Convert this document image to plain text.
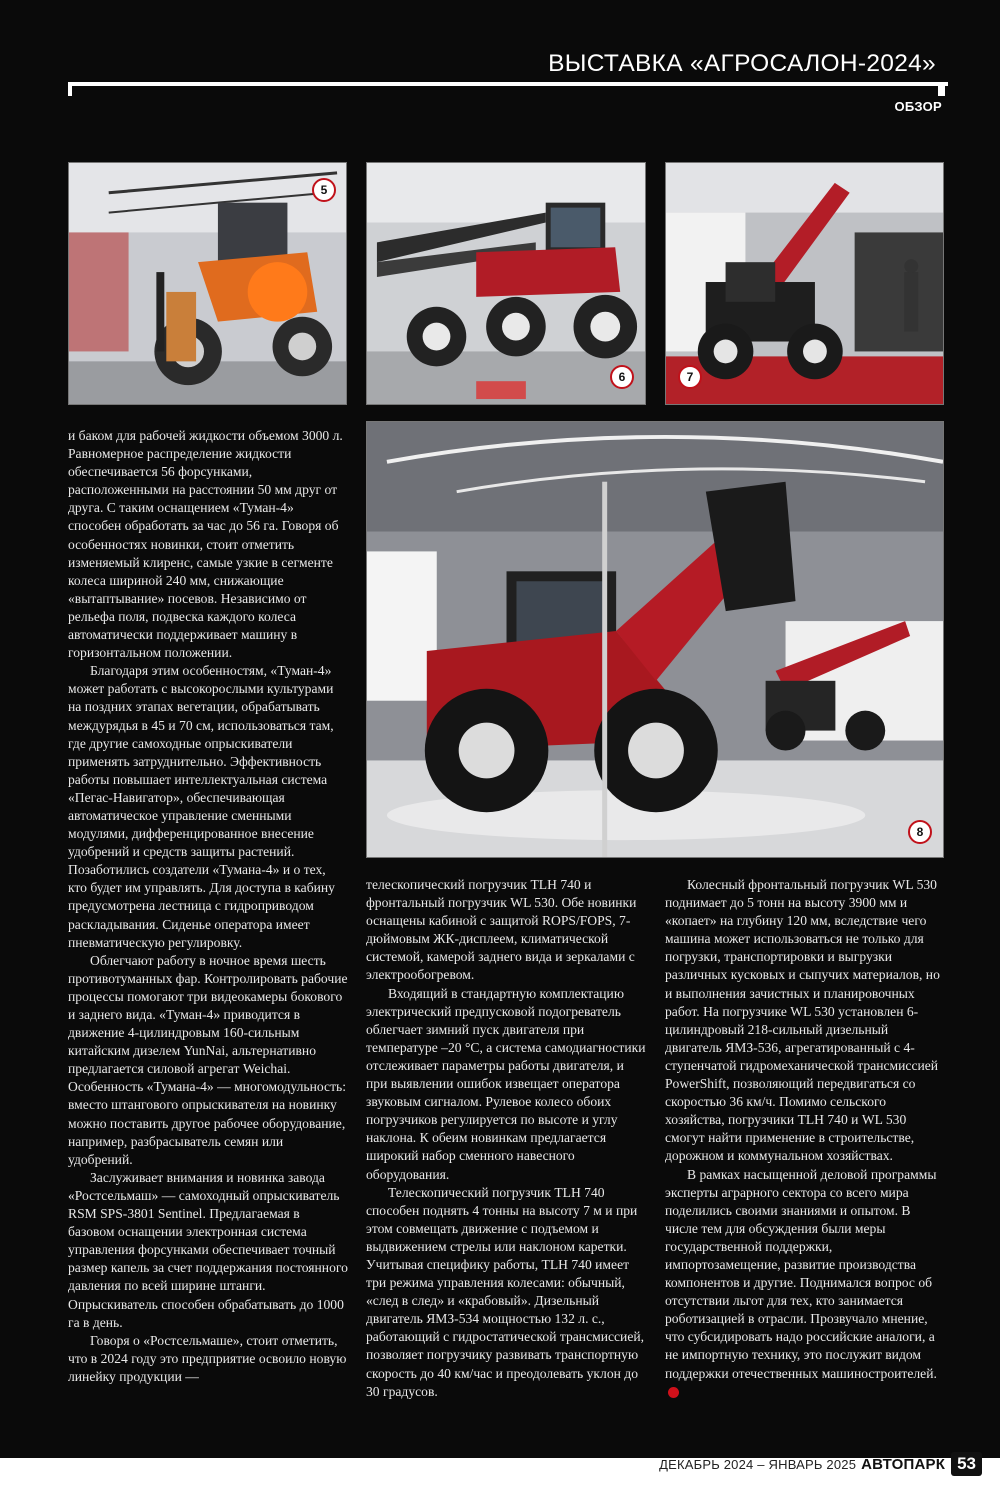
ВЫСТАВКА «АГРОСАЛОН-2024»
ОБЗОР
5
6	7
8

и баком для рабочей жидкости объемом 3000 л. Равномерное распределение жидкости обеспечивается 56 форсунками, расположенными на расстоянии 50 мм друг от друга. С таким оснащением «Туман-4» способен обработать за час до 56 га. Говоря об особенностях новинки, стоит отметить изменяемый клиренс, самые узкие в сегменте колеса шириной 240 мм, снижающие «вытаптывание» посевов. Независимо от рельефа поля, подвеска каждого колеса автоматически поддерживает машину в горизонтальном положении.

Благодаря этим особенностям, «Туман-4» может работать с высокорослыми культурами на поздних этапах вегетации, обрабатывать междурядья в 45 и 70 см, использоваться там, где другие самоходные опрыскиватели применять затруднительно. Эффективность работы повышает интеллектуальная система «Пегас-Навигатор», обеспечивающая автоматическое управление сменными модулями, дифференцированное внесение удобрений и средств защиты растений. Позаботились создатели «Тумана-4» и о тех, кто будет им управлять. Для доступа в кабину предусмотрена лестница с гидроприводом раскладывания. Сиденье оператора имеет пневматическую регулировку.

Облегчают работу в ночное время шесть противотуманных фар. Контролировать рабочие процессы помогают три видеокамеры бокового и заднего вида. «Туман-4» приводится в движение 4-цилиндровым 160-сильным китайским дизелем YunNai, альтернативно предлагается силовой агрегат Weichai. Особенность «Тумана-4» — многомодульность: вместо штангового опрыскивателя на новинку можно поставить другое рабочее оборудование, например, разбрасыватель семян или удобрений.

Заслуживает внимания и новинка завода «Ростсельмаш» — самоходный опрыскиватель RSM SPS-3801 Sentinel. Предлагаемая в базовом оснащении электронная система управления форсунками обеспечивает точный размер капель за счет поддержания постоянного давления по всей ширине штанги. Опрыскиватель способен обрабатывать до 1000 га в день.

Говоря о «Ростсельмаше», стоит отметить, что в 2024 году это предприятие освоило новую линейку продукции —

телескопический погрузчик TLH 740 и фронтальный погрузчик WL 530. Обе новинки оснащены кабиной с защитой ROPS/FOPS, 7-дюймовым ЖК-дисплеем, климатической системой, камерой заднего вида и зеркалами с электрообогревом.

Входящий в стандартную комплектацию электрический предпусковой подогреватель облегчает зимний пуск двигателя при температуре –20 °С, а система самодиагностики отслеживает параметры работы двигателя, и при выявлении ошибок извещает оператора звуковым сигналом. Рулевое колесо обоих погрузчиков регулируется по высоте и углу наклона. К обеим новинкам предлагается широкий набор сменного навесного оборудования.

Телескопический погрузчик TLH 740 способен поднять 4 тонны на высоту 7 м и при этом совмещать движение с подъемом и выдвижением стрелы или наклоном каретки. Учитывая специфику работы, TLH 740 имеет три режима управления колесами: обычный, «след в след» и «крабовый». Дизельный двигатель ЯМЗ-534 мощностью 132 л. с., работающий с гидростатической трансмиссией, позволяет погрузчику развивать транспортную скорость до 40 км/час и преодолевать уклон до 30 градусов.

Колесный фронтальный погрузчик WL 530 поднимает до 5 тонн на высоту 3900 мм и «копает» на глубину 120 мм, вследствие чего машина может использоваться не только для погрузки, транспортировки и выгрузки различных кусковых и сыпучих материалов, но и выполнения зачистных и планировочных работ. На погрузчике WL 530 установлен 6-цилиндровый 218-сильный дизельный двигатель ЯМЗ-536, агрегатированный с 4-ступенчатой гидромеханической трансмиссией PowerShift, позволяющий передвигаться со скоростью 36 км/ч. Помимо сельского хозяйства, погрузчики TLH 740 и WL 530 смогут найти применение в строительстве, дорожном и коммунальном хозяйствах.

В рамках насыщенной деловой программы эксперты аграрного сектора со всего мира поделились своими знаниями и опытом. В числе тем для обсуждения были меры государственной поддержки, импортозамещение, развитие производства компонентов и другие. Поднимался вопрос об отсутствии льгот для тех, кто занимается роботизацией в отрасли. Прозвучало мнение, что субсидировать надо российские аналоги, а не импортную технику, это послужит видом поддержки отечественных машиностроителей.

ДЕКАБРЬ 2024 – ЯНВАРЬ 2025 АВТОПАРК 53
